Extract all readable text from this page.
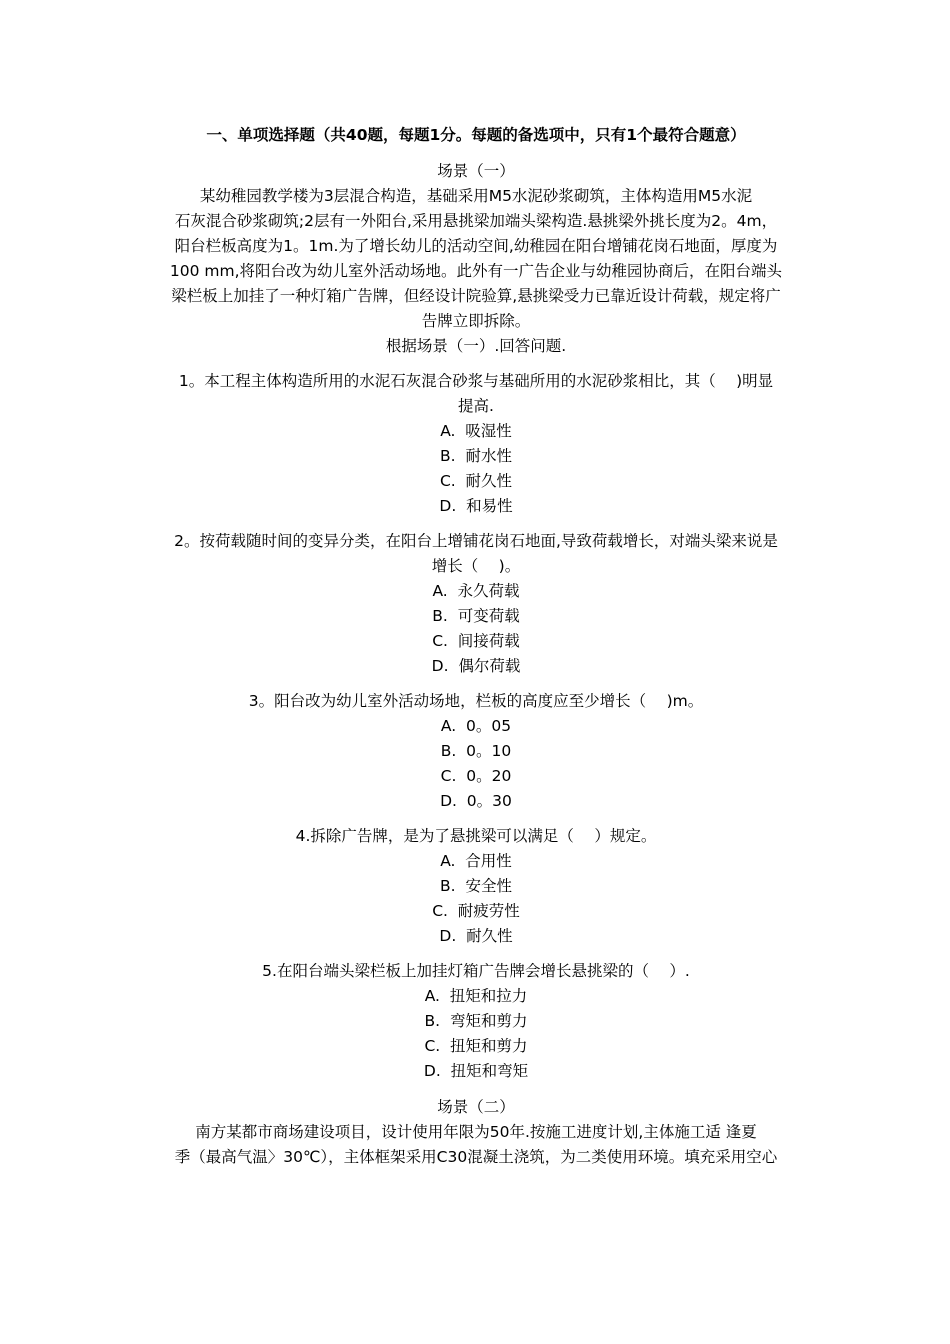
一、单项选择题（共40题，每题1分。每题的备选项中，只有1个最符合题意）
场景（一）
某幼稚园教学楼为3层混合构造，基础采用M5水泥砂浆砌筑，主体构造用M5水泥
石灰混合砂浆砌筑;2层有一外阳台,采用悬挑梁加端头梁构造.悬挑梁外挑长度为2。4m，
阳台栏板高度为1。1m.为了增长幼儿的活动空间,幼稚园在阳台增铺花岗石地面，厚度为
100 mm,将阳台改为幼儿室外活动场地。此外有一广告企业与幼稚园协商后，在阳台端头
梁栏板上加挂了一种灯箱广告牌，但经设计院验算,悬挑梁受力已靠近设计荷载，规定将广
告牌立即拆除。
根据场景（一）.回答问题.
1。本工程主体构造所用的水泥石灰混合砂浆与基础所用的水泥砂浆相比，其（　 )明显提高.
A.  吸湿性
B.  耐水性
C.  耐久性
D.  和易性
2。按荷载随时间的变异分类，在阳台上增铺花岗石地面,导致荷载增长，对端头梁来说是增长（　 )。
A.  永久荷载
B.  可变荷载
C.  间接荷载
D.  偶尔荷载
3。阳台改为幼儿室外活动场地，栏板的高度应至少增长（　 )m。
A.  0。05
B.  0。10
C.  0。20
D.  0。30
4.拆除广告牌，是为了悬挑梁可以满足（　 ）规定。
A.  合用性
B.  安全性
C.  耐疲劳性
D.  耐久性
5.在阳台端头梁栏板上加挂灯箱广告牌会增长悬挑梁的（　 ）.
A.  扭矩和拉力
B.  弯矩和剪力
C.  扭矩和剪力
D.  扭矩和弯矩
场景（二）
南方某都市商场建设项目，设计使用年限为50年.按施工进度计划,主体施工适 逢夏
季（最高气温〉30℃），主体框架采用C30混凝土浇筑，为二类使用环境。填充采用空心
